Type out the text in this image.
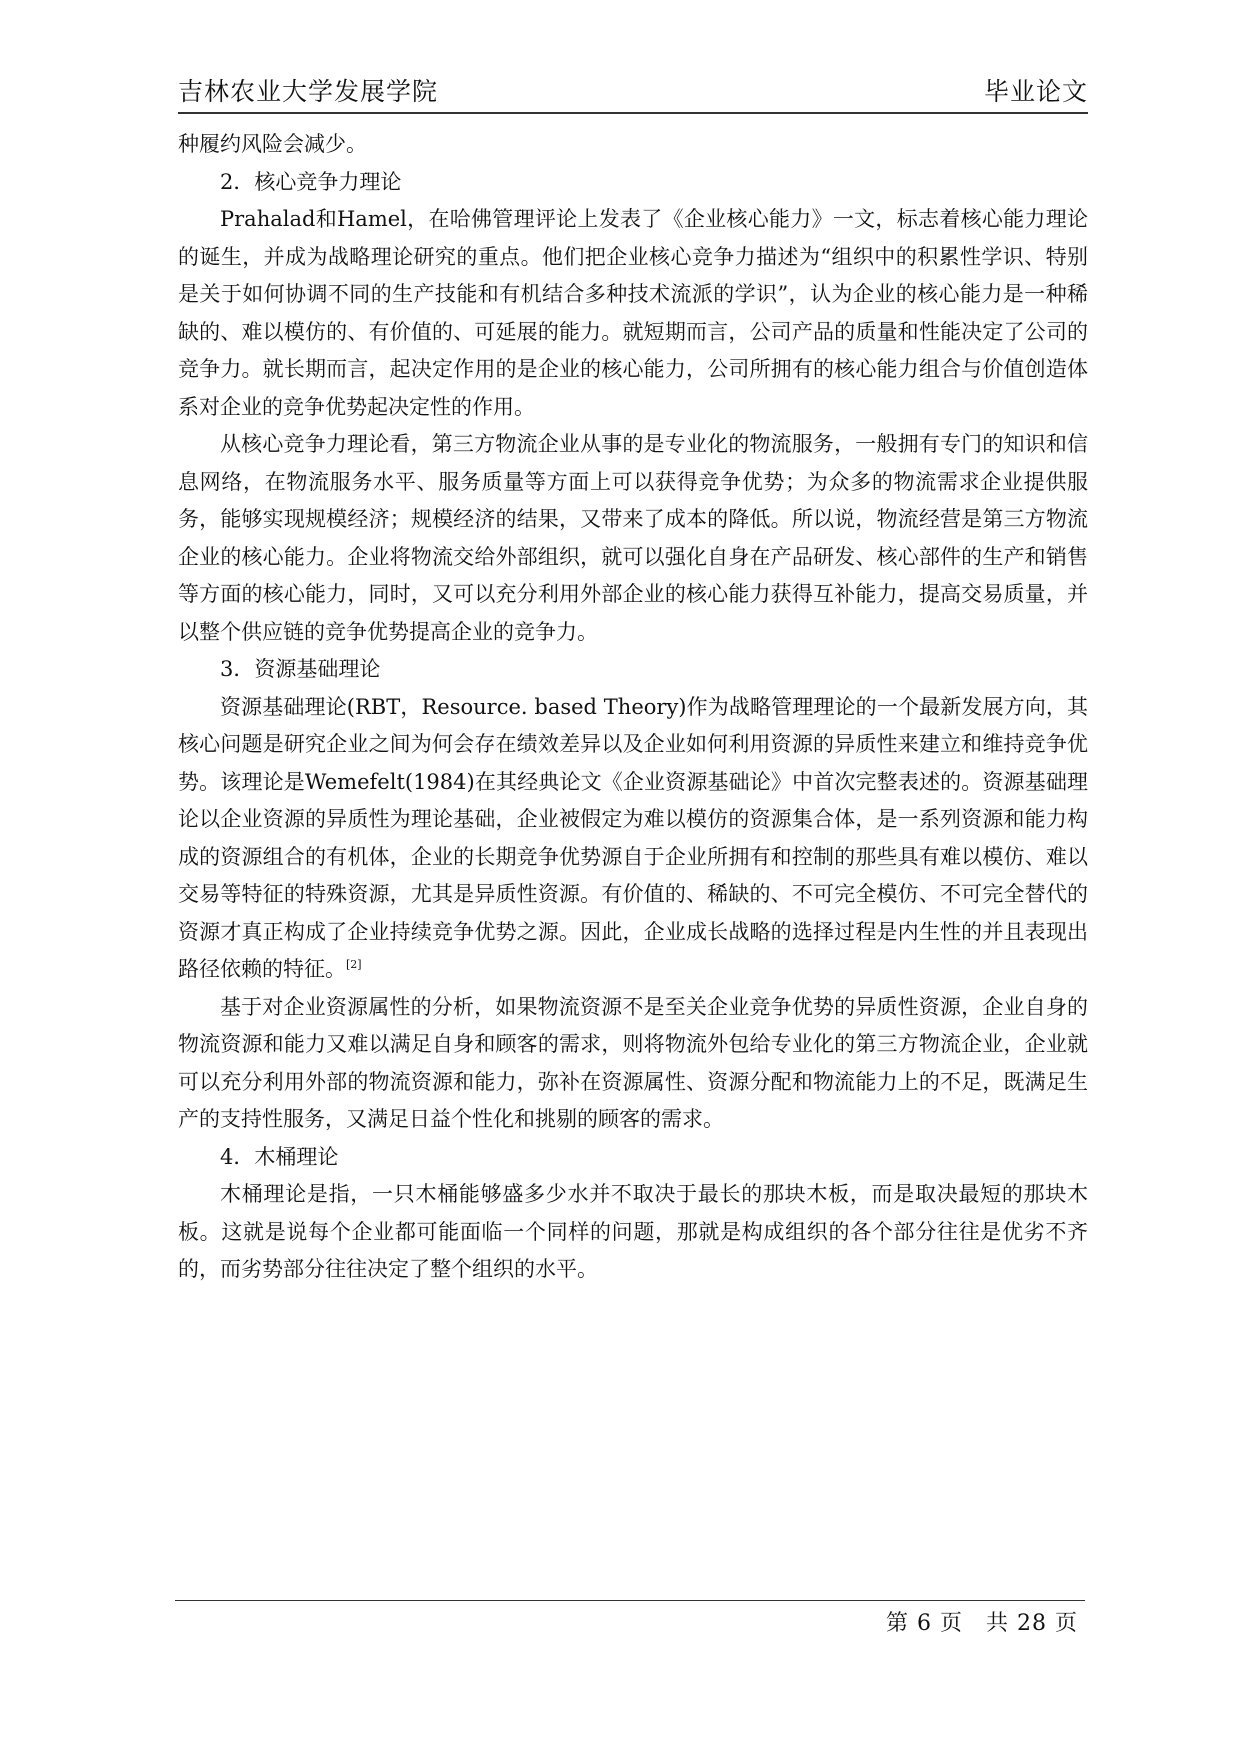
吉林农业大学发展学院	毕业论文

种履约风险会减少。

2．核心竞争力理论

Prahalad和Hamel，在哈佛管理评论上发表了《企业核心能力》一文，标志着核心能力理论的诞生，并成为战略理论研究的重点。他们把企业核心竞争力描述为“组织中的积累性学识、特别是关于如何协调不同的生产技能和有机结合多种技术流派的学识”，认为企业的核心能力是一种稀缺的、难以模仿的、有价值的、可延展的能力。就短期而言，公司产品的质量和性能决定了公司的竞争力。就长期而言，起决定作用的是企业的核心能力，公司所拥有的核心能力组合与价值创造体系对企业的竞争优势起决定性的作用。

从核心竞争力理论看，第三方物流企业从事的是专业化的物流服务，一般拥有专门的知识和信息网络，在物流服务水平、服务质量等方面上可以获得竞争优势；为众多的物流需求企业提供服务，能够实现规模经济；规模经济的结果，又带来了成本的降低。所以说，物流经营是第三方物流企业的核心能力。企业将物流交给外部组织，就可以强化自身在产品研发、核心部件的生产和销售等方面的核心能力，同时，又可以充分利用外部企业的核心能力获得互补能力，提高交易质量，并以整个供应链的竞争优势提高企业的竞争力。

3．资源基础理论

资源基础理论(RBT，Resource. based Theory)作为战略管理理论的一个最新发展方向，其核心问题是研究企业之间为何会存在绩效差异以及企业如何利用资源的异质性来建立和维持竞争优势。该理论是Wemefelt(1984)在其经典论文《企业资源基础论》中首次完整表述的。资源基础理论以企业资源的异质性为理论基础，企业被假定为难以模仿的资源集合体，是一系列资源和能力构成的资源组合的有机体，企业的长期竞争优势源自于企业所拥有和控制的那些具有难以模仿、难以交易等特征的特殊资源，尤其是异质性资源。有价值的、稀缺的、不可完全模仿、不可完全替代的资源才真正构成了企业持续竞争优势之源。因此，企业成长战略的选择过程是内生性的并且表现出路径依赖的特征。[2]

基于对企业资源属性的分析，如果物流资源不是至关企业竞争优势的异质性资源，企业自身的物流资源和能力又难以满足自身和顾客的需求，则将物流外包给专业化的第三方物流企业，企业就可以充分利用外部的物流资源和能力，弥补在资源属性、资源分配和物流能力上的不足，既满足生产的支持性服务，又满足日益个性化和挑剔的顾客的需求。

4．木桶理论

木桶理论是指，一只木桶能够盛多少水并不取决于最长的那块木板，而是取决最短的那块木板。这就是说每个企业都可能面临一个同样的问题，那就是构成组织的各个部分往往是优劣不齐的，而劣势部分往往决定了整个组织的水平。

第 6 页　共 28 页
